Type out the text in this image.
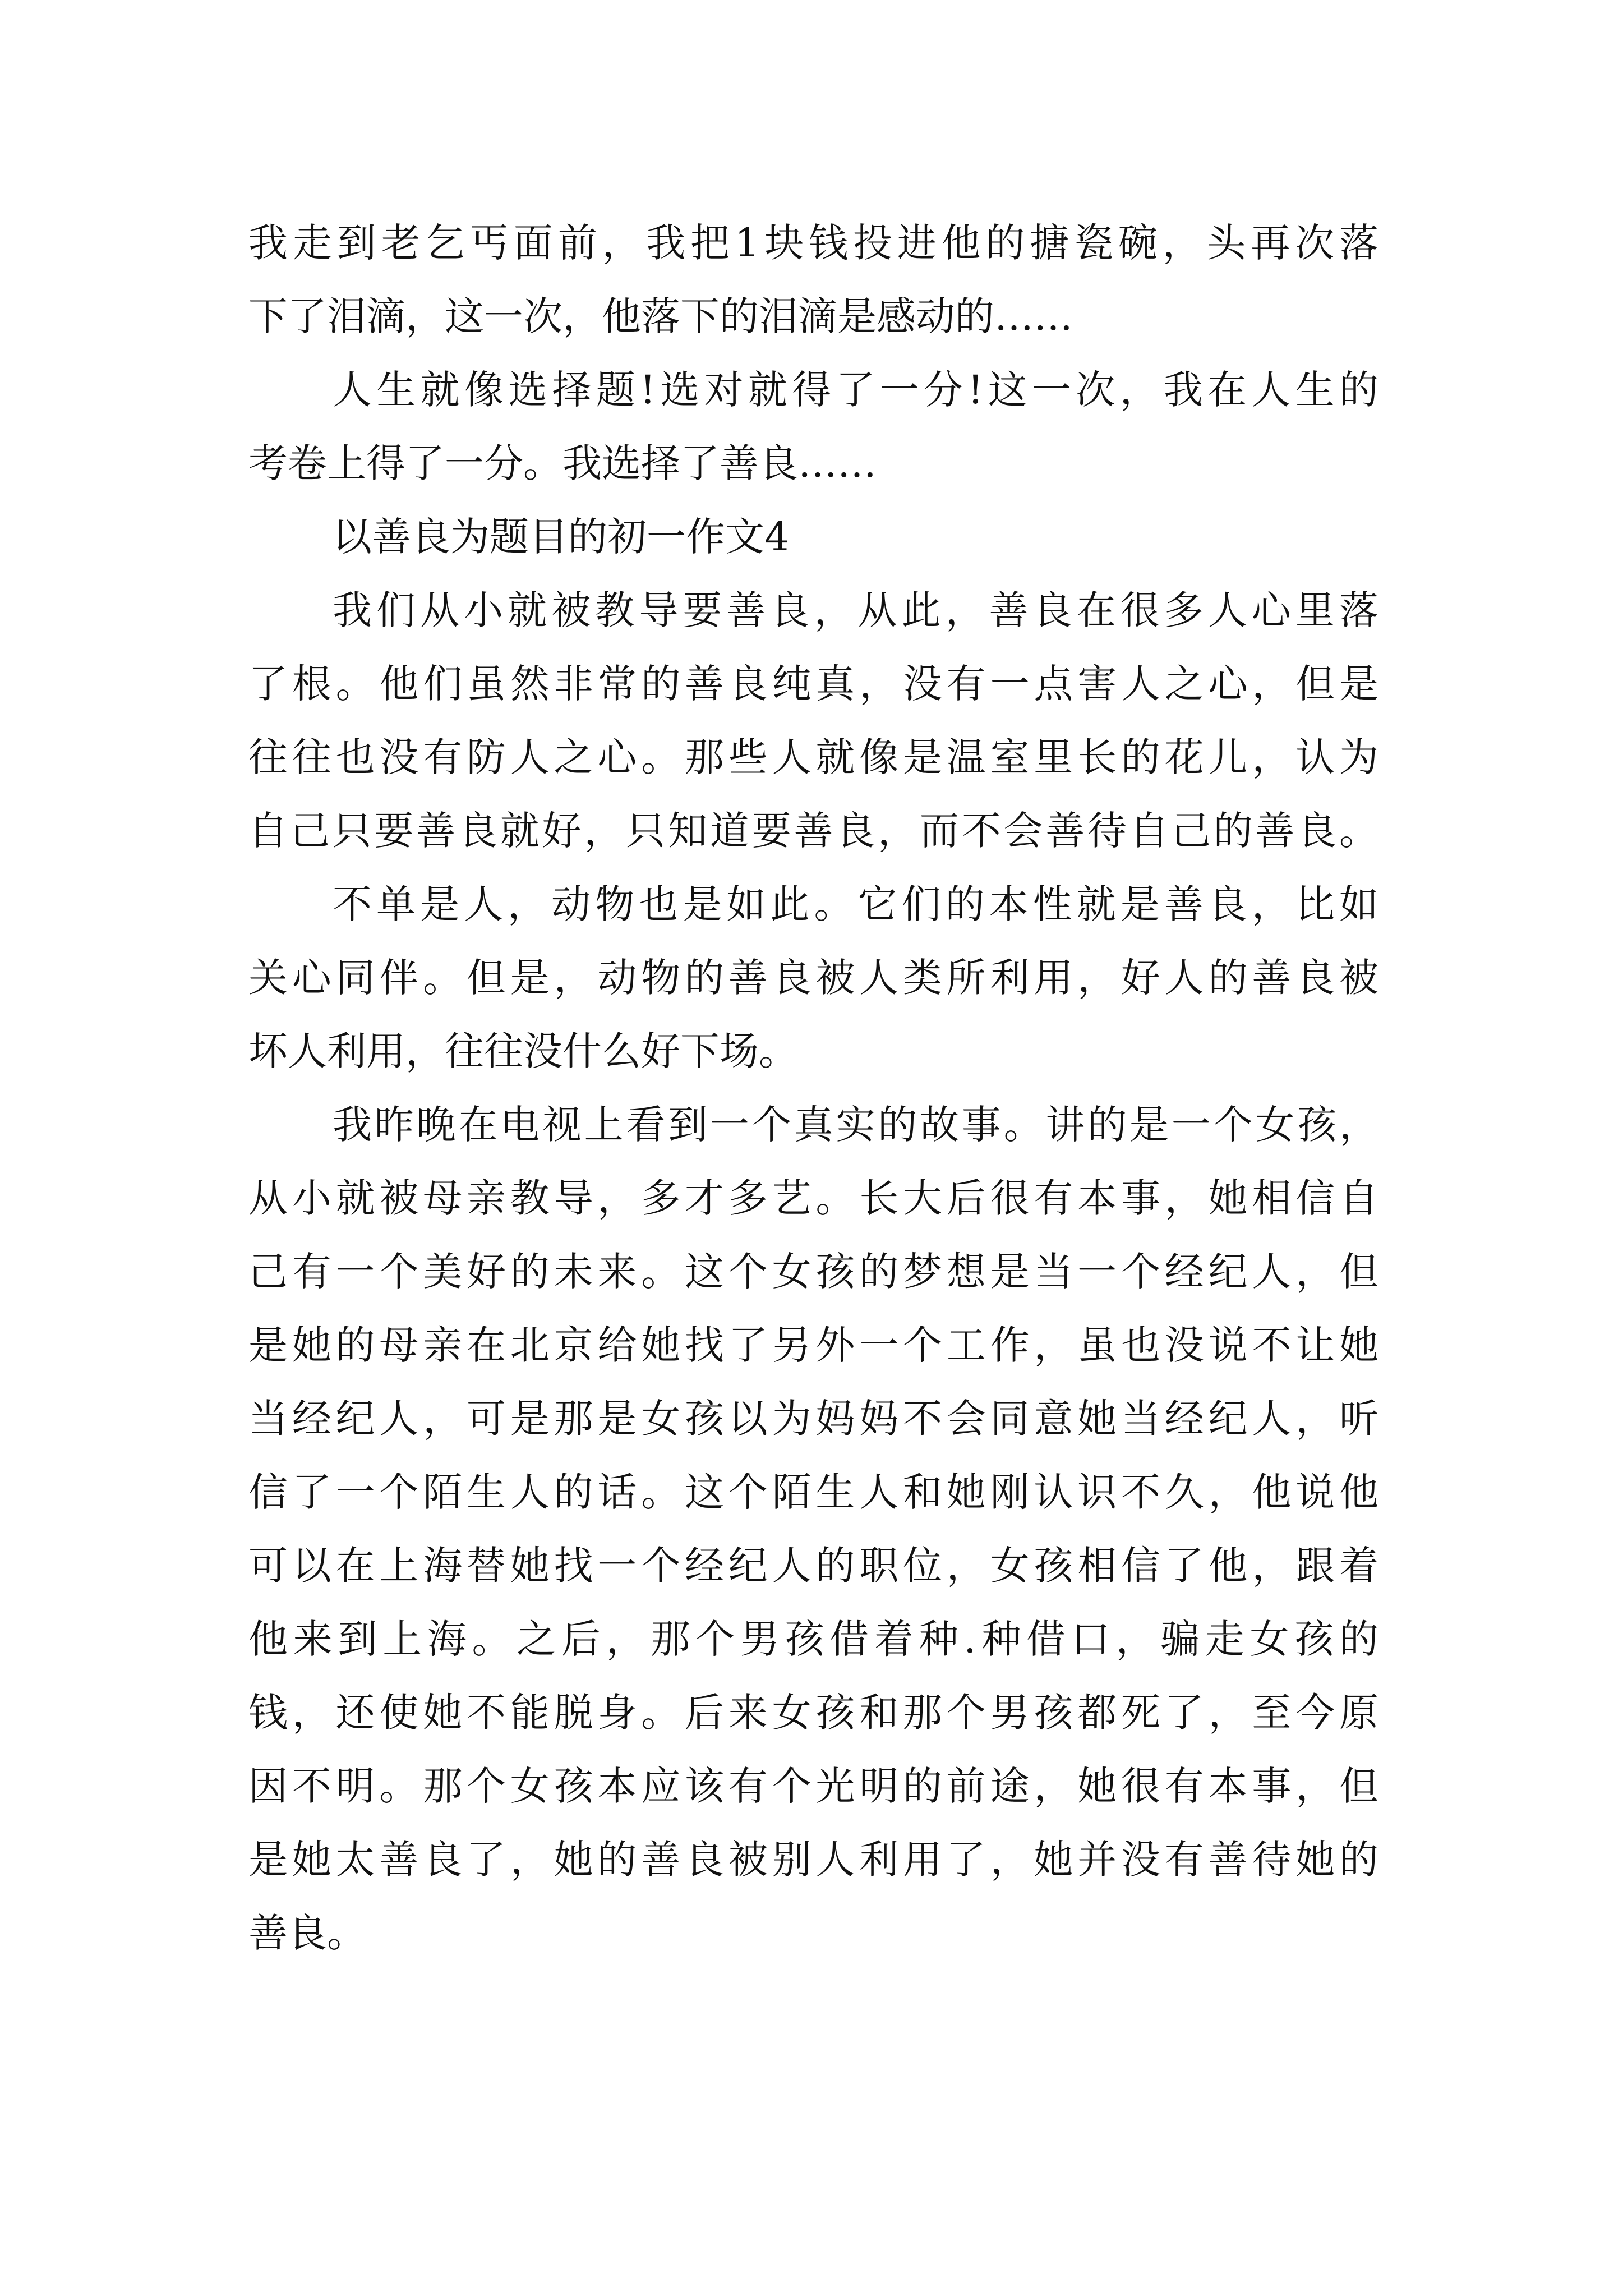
我走到老乞丐面前，我把1块钱投进他的搪瓷碗，头再次落
下了泪滴，这一次，他落下的泪滴是感动的……
人生就像选择题!选对就得了一分!这一次，我在人生的
考卷上得了一分。我选择了善良……
以善良为题目的初一作文4
我们从小就被教导要善良，从此，善良在很多人心里落
了根。他们虽然非常的善良纯真，没有一点害人之心，但是
往往也没有防人之心。那些人就像是温室里长的花儿，认为
自己只要善良就好，只知道要善良，而不会善待自己的善良。
不单是人，动物也是如此。它们的本性就是善良，比如
关心同伴。但是，动物的善良被人类所利用，好人的善良被
坏人利用，往往没什么好下场。
我昨晚在电视上看到一个真实的故事。讲的是一个女孩，
从小就被母亲教导，多才多艺。长大后很有本事，她相信自
己有一个美好的未来。这个女孩的梦想是当一个经纪人，但
是她的母亲在北京给她找了另外一个工作，虽也没说不让她
当经纪人，可是那是女孩以为妈妈不会同意她当经纪人，听
信了一个陌生人的话。这个陌生人和她刚认识不久，他说他
可以在上海替她找一个经纪人的职位，女孩相信了他，跟着
他来到上海。之后，那个男孩借着种.种借口，骗走女孩的
钱，还使她不能脱身。后来女孩和那个男孩都死了，至今原
因不明。那个女孩本应该有个光明的前途，她很有本事，但
是她太善良了，她的善良被别人利用了，她并没有善待她的
善良。
